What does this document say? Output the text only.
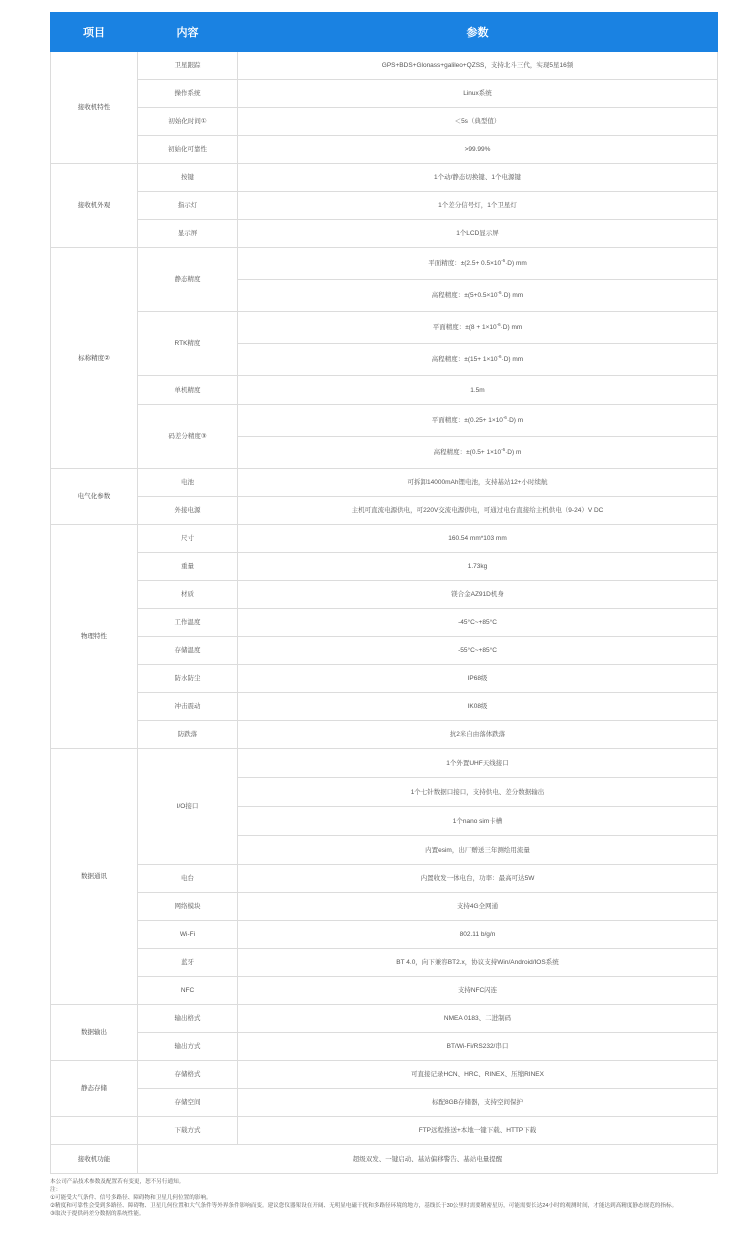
项目	内容	参数
接收机特性	卫星跟踪	GPS+BDS+Glonass+galileo+QZSS，支持北斗三代，实现5星16频
	操作系统	Linux系统
	初始化时间①	＜5s（典型值）
	初始化可靠性	>99.99%
接收机外观	按键	1个动/静态切换键、1个电源键
	指示灯	1个差分信号灯，1个卫星灯
	显示屏	1个LCD显示屏
标称精度②	静态精度	平面精度：$\pm(2.5+ 0.5\times 10^{-6}\cdot D)$ mm
		高程精度：$\pm(5+0.5\times 10^{-6}\cdot D)$ mm
	RTK精度	平面精度：$\pm(8 + 1\times 10^{-6}\cdot D)$ mm
		高程精度：$\pm(15+ 1\times 10^{-6}\cdot D)$ mm
	单机精度	1.5m
	码差分精度③	平面精度：$\pm(0.25+ 1\times 10^{-6}\cdot D)$ m
		高程精度：$\pm(0.5+ 1\times 10^{-6}\cdot D)$ m
电气化参数	电池	可拆卸14000mAh锂电池，支持基站12+小时续航
	外接电源	主机可直流电源供电，可220V交流电源供电，可通过电台直接给主机供电（9-24）V DC
物理特性	尺寸	160.54 mm*103 mm
	重量	1.73kg
	材质	镁合金AZ91D机身
	工作温度	-45°C~+85°C
	存储温度	-55°C~+85°C
	防水防尘	IP68级
	冲击震动	IK08级
	防跌落	抗2米自由落体跌落
数据通讯	I/O接口	1个外置UHF天线接口
		1个七针数据口接口，支持供电、差分数据输出
		1个nano sim卡槽
		内置esim，出厂赠送三年测绘用流量
	电台	内置收发一体电台，功率：最高可达5W
	网络模块	支持4G全网通
	Wi-Fi	802.11 b/g/n
	蓝牙	BT 4.0，向下兼容BT2.x，协议支持Win/Android/IOS系统
	NFC	支持NFC闪连
数据输出	输出格式	NMEA 0183、二进制码
	输出方式	BT/Wi-Fi/RS232/串口
静态存储	存储格式	可直接记录HCN、HRC、RINEX、压缩RINEX
	存储空间	标配8GB存储器，支持空间保护
	下载方式	FTP远程推送+本地一键下载、HTTP下载
接收机功能	超级双发、一键启动、基站偏移警告、基站电量提醒	
本公司产品技术参数及配置若有变更，恕不另行通知。
注：
①可能受大气条件、信号多路径、障碍物和卫星几何位置的影响。
②精度和可靠性会受到多路径、障碍物、卫星几何位置和大气条件等外界条件影响而变。建议您仪器架设在开阔、无明显电磁干扰和多路径环境的地方，基线长于30公里时需要精密星历，可能需要长达24小时的观测时间，才能达到高精度静态规范的指标。
③取决于提供码差分数据的系统性能。
